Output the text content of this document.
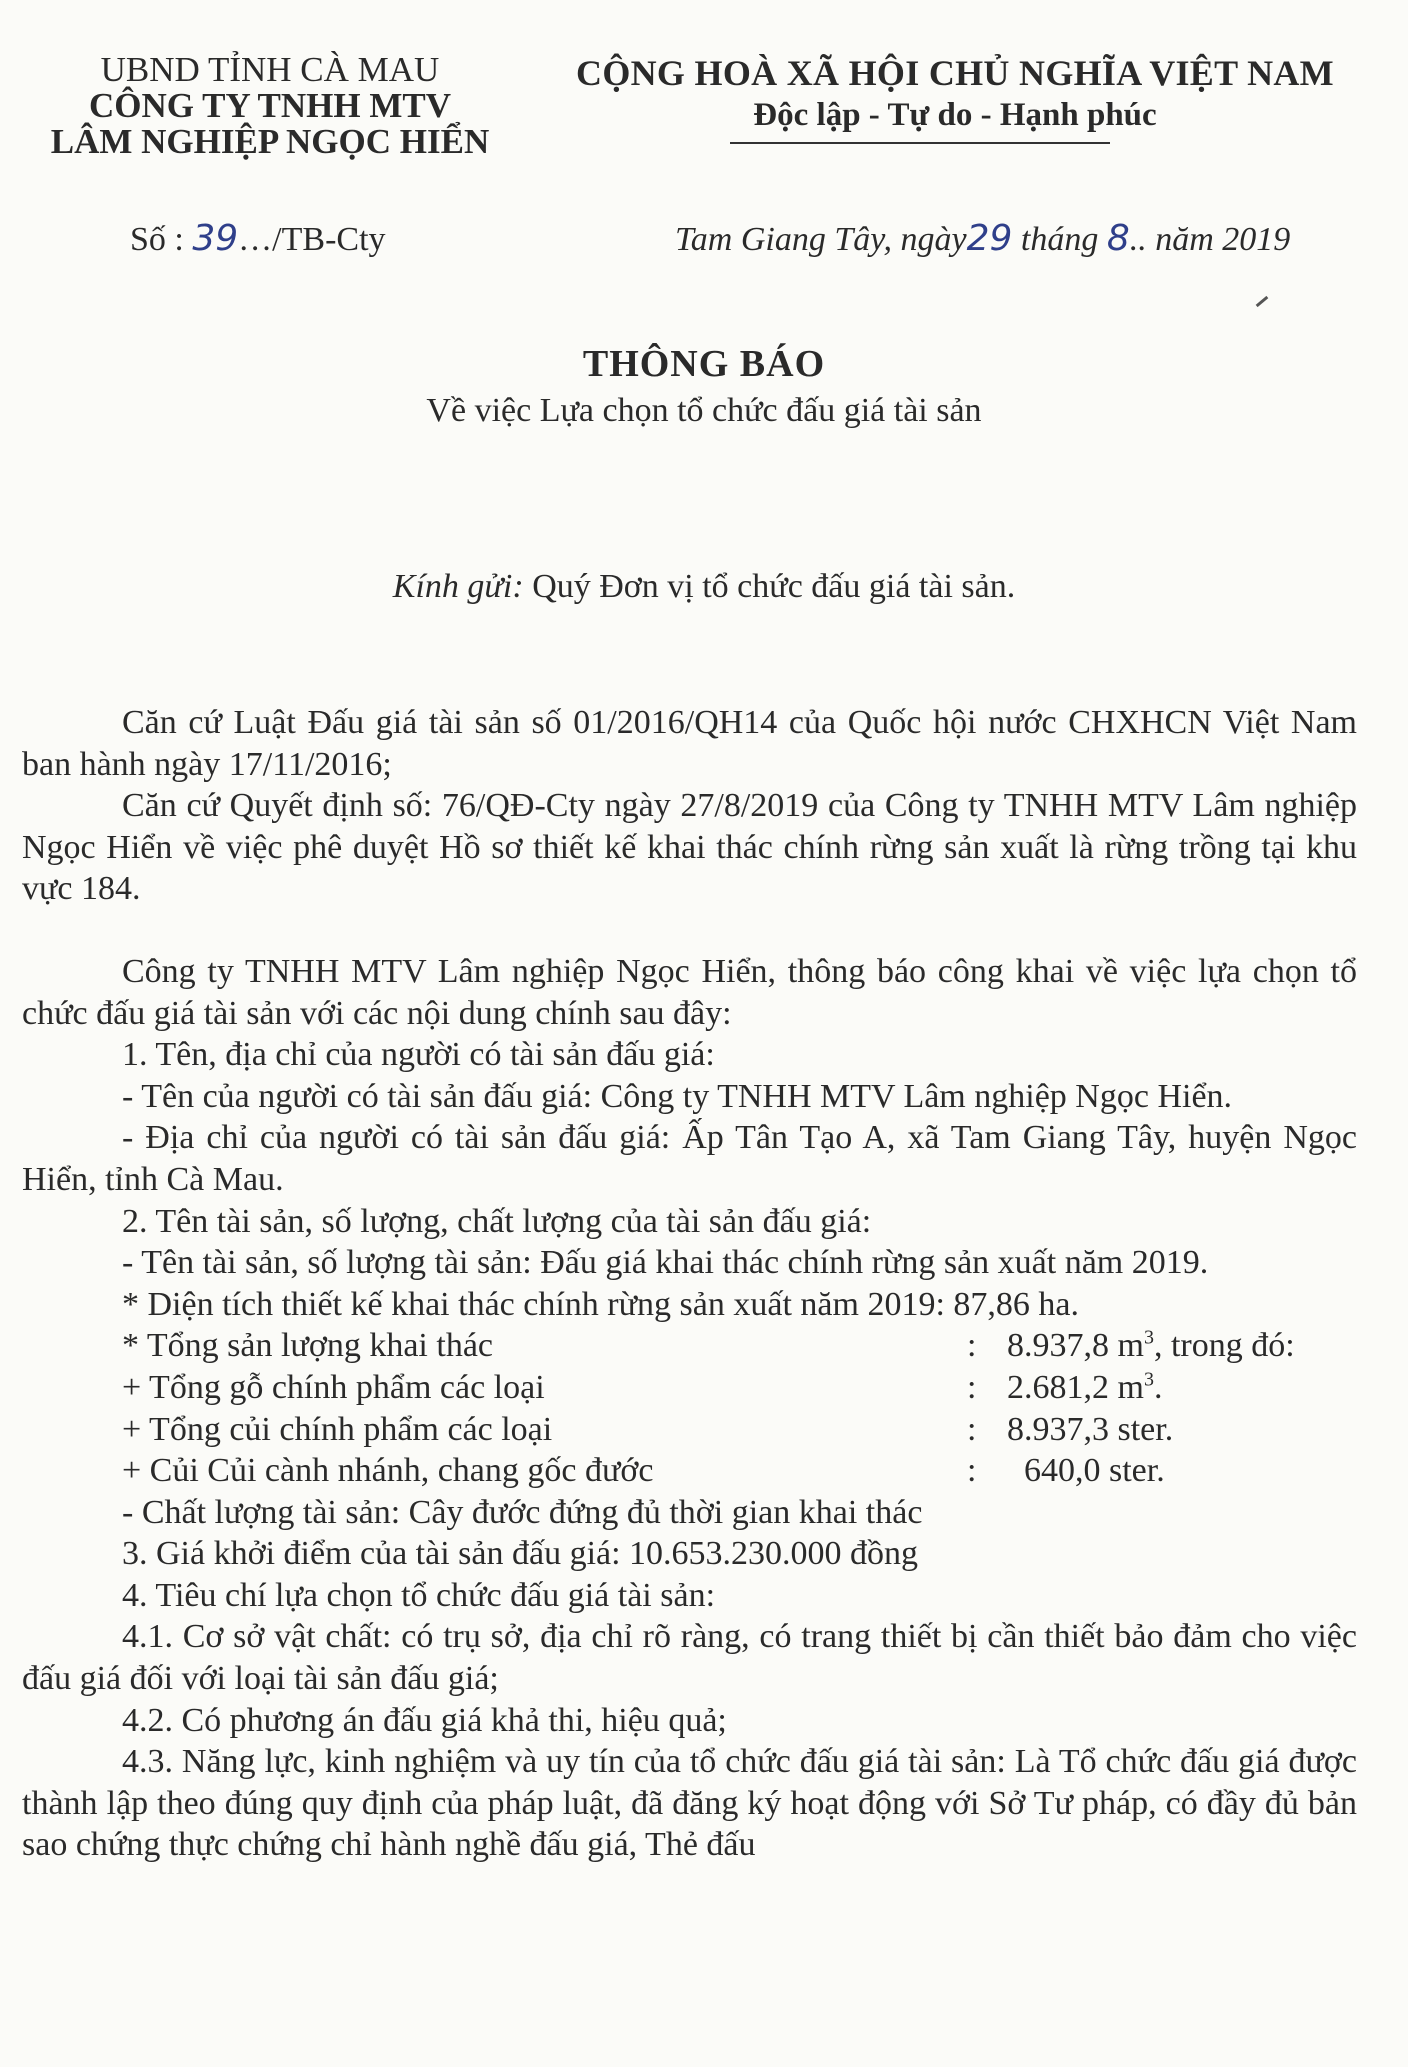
UBND TỈNH CÀ MAU
CÔNG TY TNHH MTV
LÂM NGHIỆP NGỌC HIỂN
CỘNG HOÀ XÃ HỘI CHỦ NGHĨA VIỆT NAM
Độc lập - Tự do - Hạnh phúc
Số : 39…/TB-Cty	Tam Giang Tây, ngày29 tháng 8.. năm 2019
THÔNG BÁO
Về việc Lựa chọn tổ chức đấu giá tài sản
Kính gửi: Quý Đơn vị tổ chức đấu giá tài sản.
Căn cứ Luật Đấu giá tài sản số 01/2016/QH14 của Quốc hội nước CHXHCN Việt Nam ban hành ngày 17/11/2016;
Căn cứ Quyết định số: 76/QĐ-Cty ngày 27/8/2019 của Công ty TNHH MTV Lâm nghiệp Ngọc Hiển về việc phê duyệt Hồ sơ thiết kế khai thác chính rừng sản xuất là rừng trồng tại khu vực 184.
Công ty TNHH MTV Lâm nghiệp Ngọc Hiển, thông báo công khai về việc lựa chọn tổ chức đấu giá tài sản với các nội dung chính sau đây:
1. Tên, địa chỉ của người có tài sản đấu giá:
- Tên của người có tài sản đấu giá: Công ty TNHH MTV Lâm nghiệp Ngọc Hiển.
- Địa chỉ của người có tài sản đấu giá: Ấp Tân Tạo A, xã Tam Giang Tây, huyện Ngọc Hiển, tỉnh Cà Mau.
2. Tên tài sản, số lượng, chất lượng của tài sản đấu giá:
- Tên tài sản, số lượng tài sản: Đấu giá khai thác chính rừng sản xuất năm 2019.
* Diện tích thiết kế khai thác chính rừng sản xuất năm 2019: 87,86 ha.
* Tổng sản lượng khai thác	: 8.937,8 $m^3$, trong đó:
+ Tổng gỗ chính phẩm các loại	: 2.681,2 $m^3$.
+ Tổng củi chính phẩm các loại	: 8.937,3 ster.
+ Củi Củi cành nhánh, chang gốc đước	: 640,0 ster.
- Chất lượng tài sản: Cây đước đứng đủ thời gian khai thác
3. Giá khởi điểm của tài sản đấu giá: 10.653.230.000 đồng
4. Tiêu chí lựa chọn tổ chức đấu giá tài sản:
4.1. Cơ sở vật chất: có trụ sở, địa chỉ rõ ràng, có trang thiết bị cần thiết bảo đảm cho việc đấu giá đối với loại tài sản đấu giá;
4.2. Có phương án đấu giá khả thi, hiệu quả;
4.3. Năng lực, kinh nghiệm và uy tín của tổ chức đấu giá tài sản: Là Tổ chức đấu giá được thành lập theo đúng quy định của pháp luật, đã đăng ký hoạt động với Sở Tư pháp, có đầy đủ bản sao chứng thực chứng chỉ hành nghề đấu giá, Thẻ đấu
